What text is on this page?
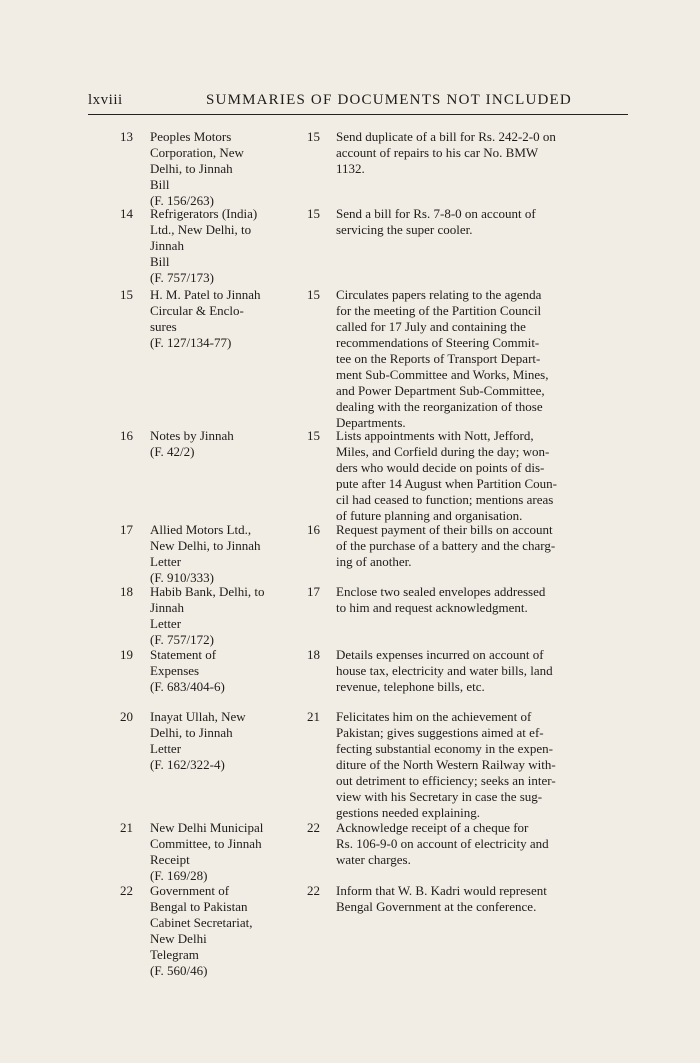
lxviii	SUMMARIES OF DOCUMENTS NOT INCLUDED
13 Peoples Motors
Corporation, New
Delhi, to Jinnah
Bill
(F. 156/263)
15 Send duplicate of a bill for Rs. 242-2-0 on
account of repairs to his car No. BMW
1132.
14 Refrigerators (India)
Ltd., New Delhi, to
Jinnah
Bill
(F. 757/173)
15 Send a bill for Rs. 7-8-0 on account of
servicing the super cooler.
15 H. M. Patel to Jinnah
Circular & Enclo-
sures
(F. 127/134-77)
15 Circulates papers relating to the agenda
for the meeting of the Partition Council
called for 17 July and containing the
recommendations of Steering Commit-
tee on the Reports of Transport Depart-
ment Sub-Committee and Works, Mines,
and Power Department Sub-Committee,
dealing with the reorganization of those
Departments.
16 Notes by Jinnah
(F. 42/2)
15 Lists appointments with Nott, Jefford,
Miles, and Corfield during the day; won-
ders who would decide on points of dis-
pute after 14 August when Partition Coun-
cil had ceased to function; mentions areas
of future planning and organisation.
17 Allied Motors Ltd.,
New Delhi, to Jinnah
Letter
(F. 910/333)
16 Request payment of their bills on account
of the purchase of a battery and the charg-
ing of another.
18 Habib Bank, Delhi, to
Jinnah
Letter
(F. 757/172)
17 Enclose two sealed envelopes addressed
to him and request acknowledgment.
19 Statement of
Expenses
(F. 683/404-6)
18 Details expenses incurred on account of
house tax, electricity and water bills, land
revenue, telephone bills, etc.
20 Inayat Ullah, New
Delhi, to Jinnah
Letter
(F. 162/322-4)
21 Felicitates him on the achievement of
Pakistan; gives suggestions aimed at ef-
fecting substantial economy in the expen-
diture of the North Western Railway with-
out detriment to efficiency; seeks an inter-
view with his Secretary in case the sug-
gestions needed explaining.
21 New Delhi Municipal
Committee, to Jinnah
Receipt
(F. 169/28)
22 Acknowledge receipt of a cheque for
Rs. 106-9-0 on account of electricity and
water charges.
22 Government of
Bengal to Pakistan
Cabinet Secretariat,
New Delhi
Telegram
(F. 560/46)
22 Inform that W. B. Kadri would represent
Bengal Government at the conference.
